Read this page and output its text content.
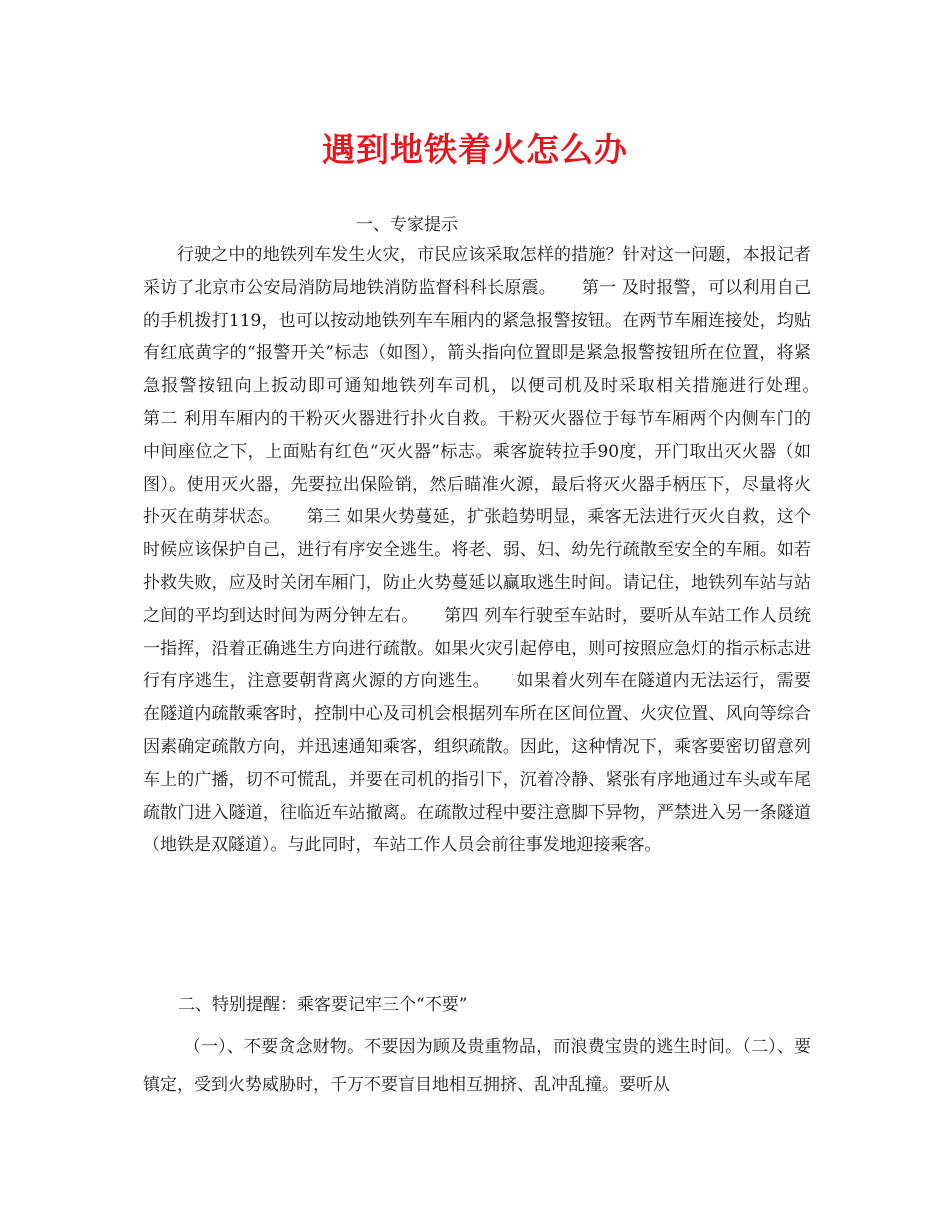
遇到地铁着火怎么办

一、专家提示

行驶之中的地铁列车发生火灾，市民应该采取怎样的措施？针对这一问题，本报记者采访了北京市公安局消防局地铁消防监督科科长原震。　　第一 及时报警，可以利用自己的手机拨打119，也可以按动地铁列车车厢内的紧急报警按钮。在两节车厢连接处，均贴有红底黄字的“报警开关”标志（如图），箭头指向位置即是紧急报警按钮所在位置，将紧急报警按钮向上扳动即可通知地铁列车司机，以便司机及时采取相关措施进行处理。　　第二 利用车厢内的干粉灭火器进行扑火自救。干粉灭火器位于每节车厢两个内侧车门的中间座位之下，上面贴有红色“灭火器”标志。乘客旋转拉手90度，开门取出灭火器（如图）。使用灭火器，先要拉出保险销，然后瞄准火源，最后将灭火器手柄压下，尽量将火扑灭在萌芽状态。　　第三 如果火势蔓延，扩张趋势明显，乘客无法进行灭火自救，这个时候应该保护自己，进行有序安全逃生。将老、弱、妇、幼先行疏散至安全的车厢。如若扑救失败，应及时关闭车厢门，防止火势蔓延以赢取逃生时间。请记住，地铁列车站与站之间的平均到达时间为两分钟左右。　　第四 列车行驶至车站时，要听从车站工作人员统一指挥，沿着正确逃生方向进行疏散。如果火灾引起停电，则可按照应急灯的指示标志进行有序逃生，注意要朝背离火源的方向逃生。　　如果着火列车在隧道内无法运行，需要在隧道内疏散乘客时，控制中心及司机会根据列车所在区间位置、火灾位置、风向等综合因素确定疏散方向，并迅速通知乘客，组织疏散。因此，这种情况下，乘客要密切留意列车上的广播，切不可慌乱，并要在司机的指引下，沉着冷静、紧张有序地通过车头或车尾疏散门进入隧道，往临近车站撤离。在疏散过程中要注意脚下异物，严禁进入另一条隧道（地铁是双隧道）。与此同时，车站工作人员会前往事发地迎接乘客。

二、特别提醒：乘客要记牢三个“不要”

（一）、不要贪念财物。不要因为顾及贵重物品，而浪费宝贵的逃生时间。（二）、要镇定，受到火势威胁时，千万不要盲目地相互拥挤、乱冲乱撞。要听从
